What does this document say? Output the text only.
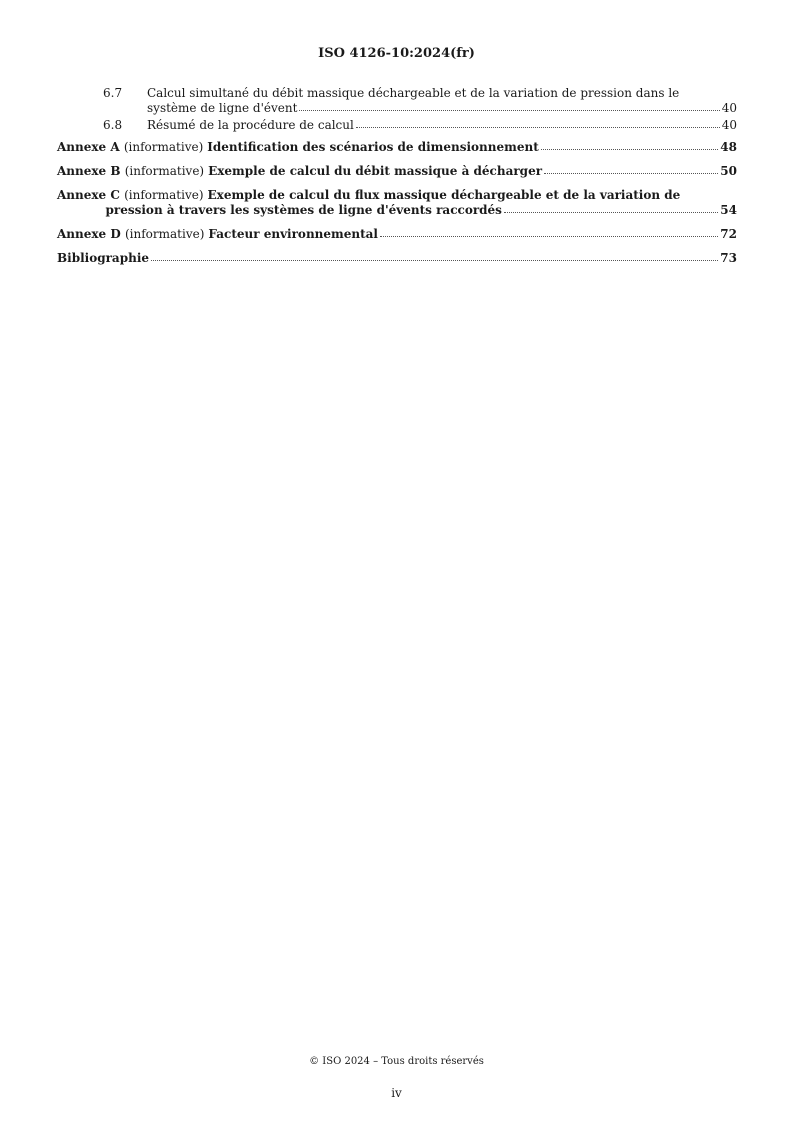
ISO 4126-10:2024(fr)
6.7	Calcul simultané du débit massique déchargeable et de la variation de pression dans le
système de ligne d'évent	40
6.8	Résumé de la procédure de calcul	40
Annexe A (informative) Identification des scénarios de dimensionnement	48
Annexe B (informative) Exemple de calcul du débit massique à décharger	50
Annexe C (informative) Exemple de calcul du flux massique déchargeable et de la variation de
pression à travers les systèmes de ligne d'évents raccordés	54
Annexe D (informative) Facteur environnemental	72
Bibliographie	73
© ISO 2024 – Tous droits réservés
iv
